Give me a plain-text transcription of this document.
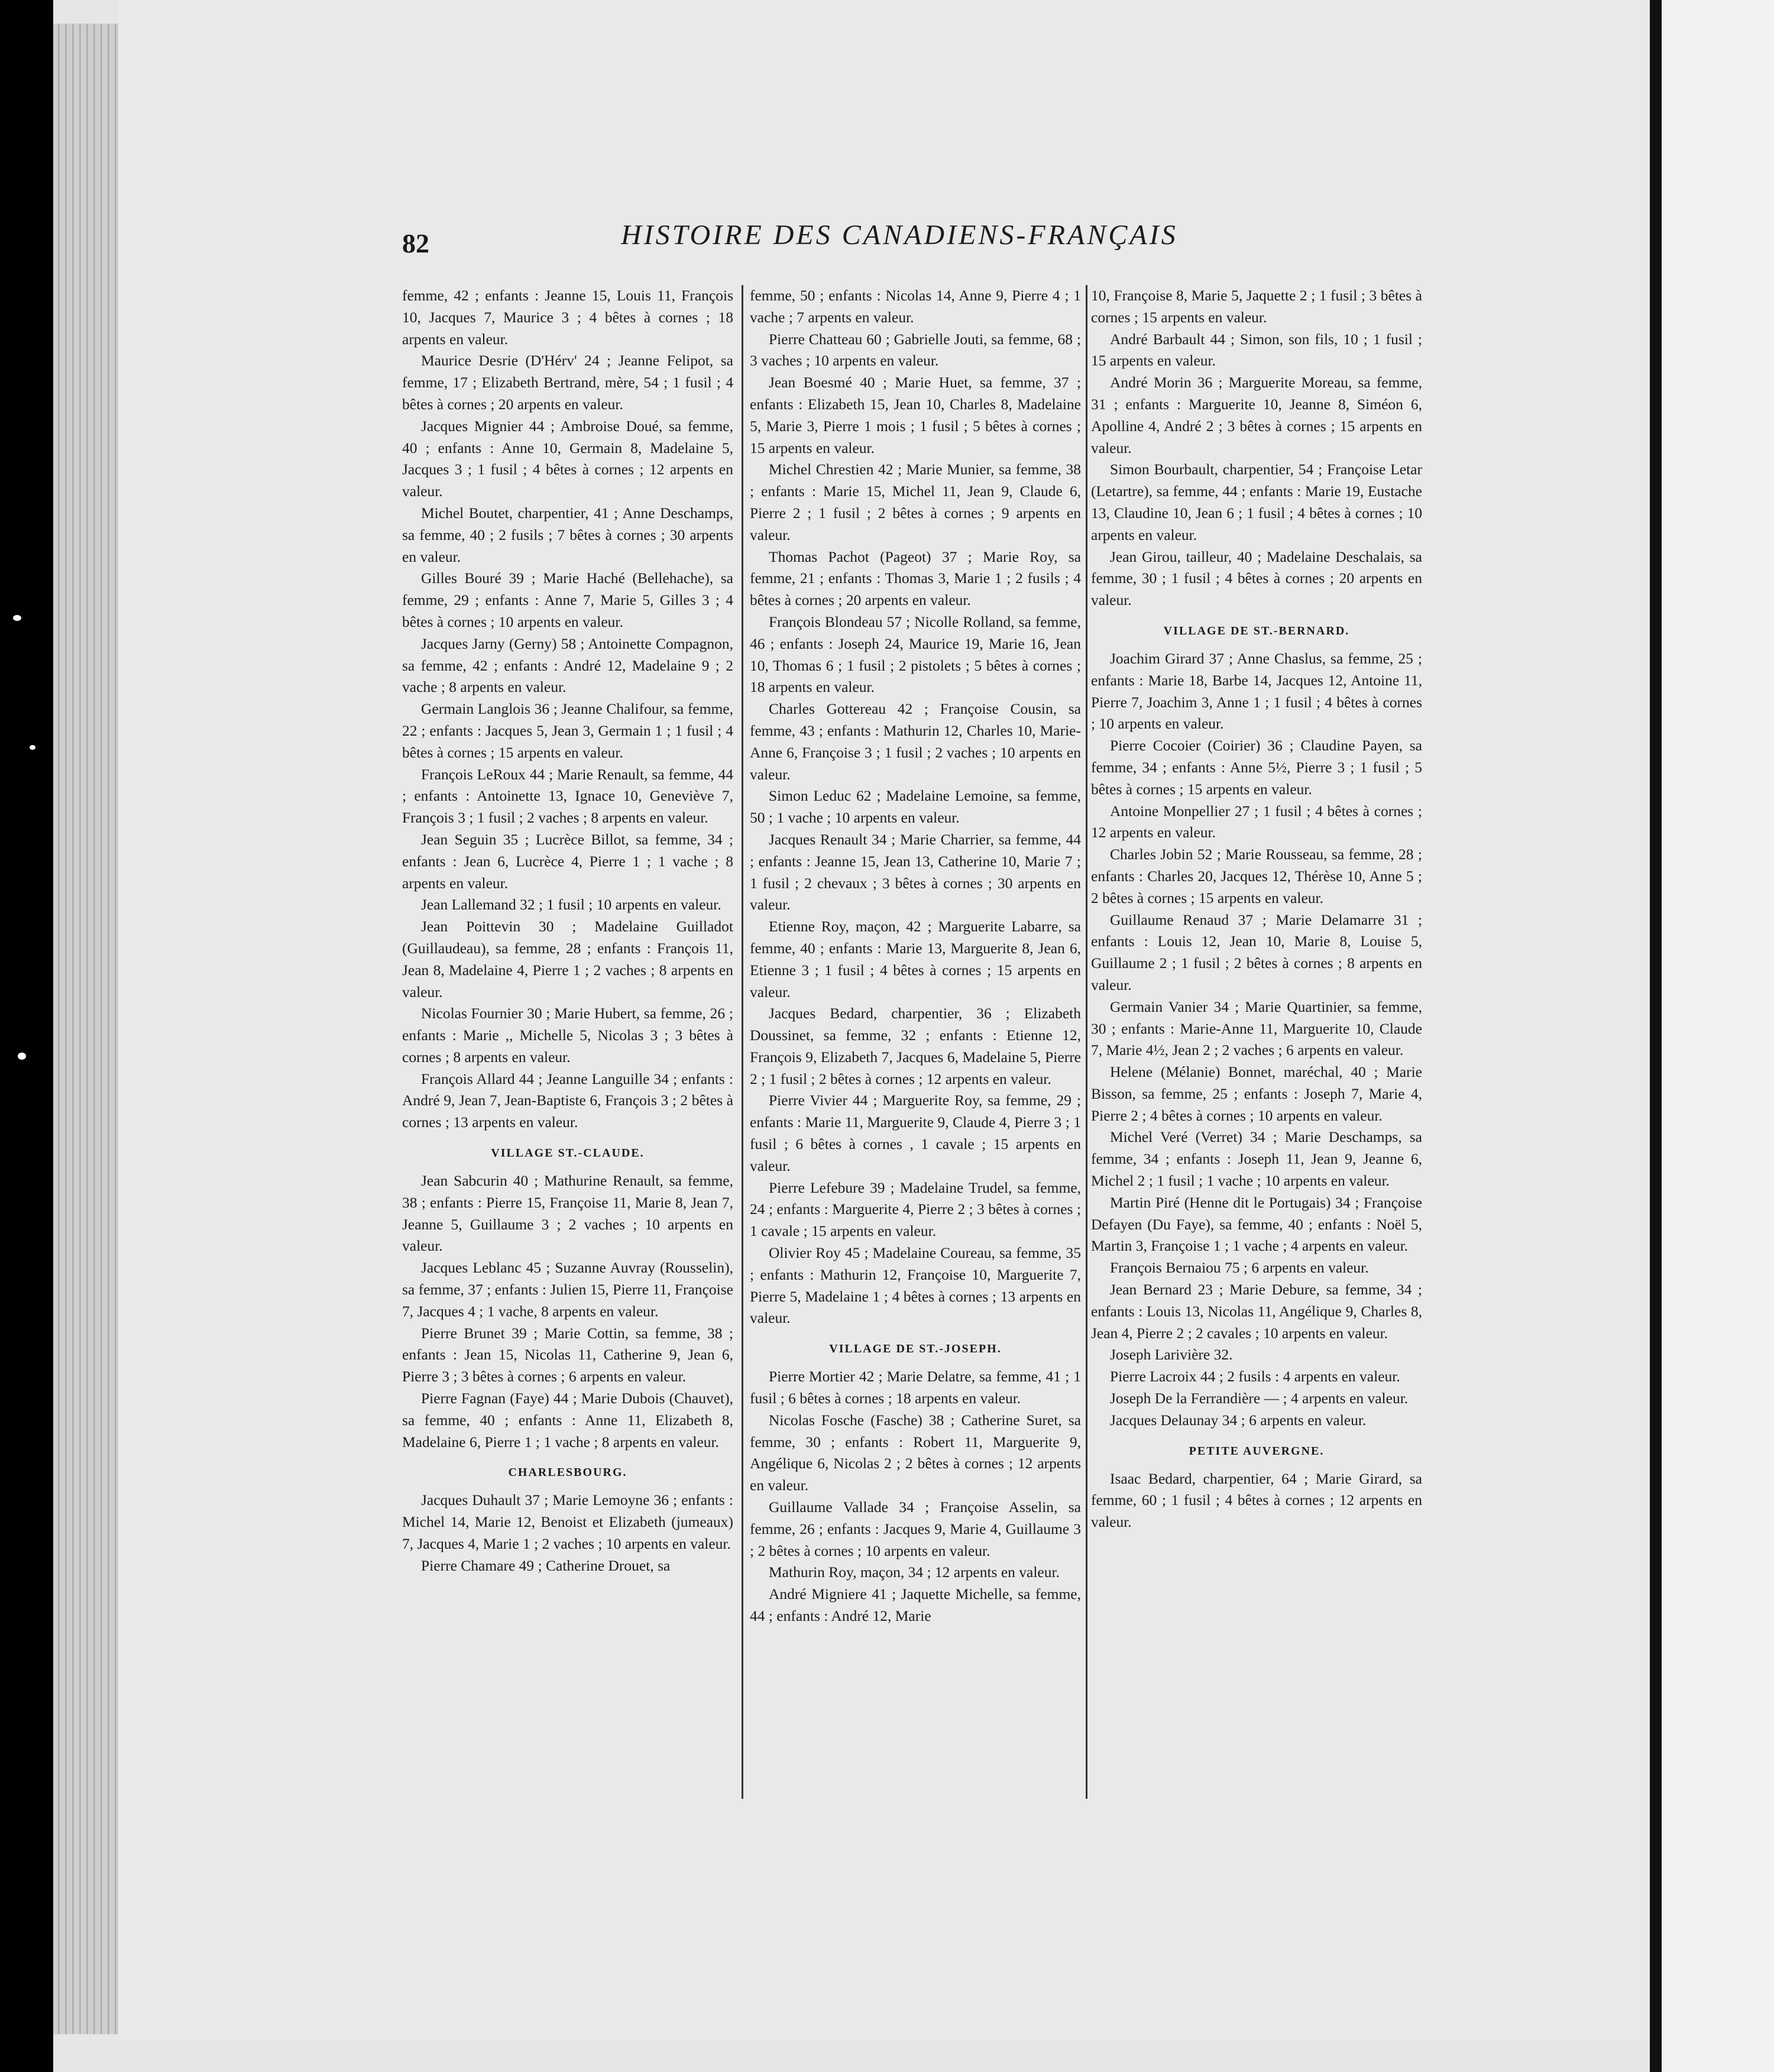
82	HISTOIRE DES CANADIENS-FRANÇAIS

femme, 42 ; enfants : Jeanne 15, Louis 11, François 10, Jacques 7, Maurice 3 ; 4 bêtes à cornes ; 18 arpents en valeur.

Maurice Desrie (D'Hérv' 24 ; Jeanne Felipot, sa femme, 17 ; Elizabeth Bertrand, mère, 54 ; 1 fusil ; 4 bêtes à cornes ; 20 arpents en valeur.

Jacques Mignier 44 ; Ambroise Doué, sa femme, 40 ; enfants : Anne 10, Germain 8, Madelaine 5, Jacques 3 ; 1 fusil ; 4 bêtes à cornes ; 12 arpents en valeur.

Michel Boutet, charpentier, 41 ; Anne Deschamps, sa femme, 40 ; 2 fusils ; 7 bêtes à cornes ; 30 arpents en valeur.

Gilles Bouré 39 ; Marie Haché (Bellehache), sa femme, 29 ; enfants : Anne 7, Marie 5, Gilles 3 ; 4 bêtes à cornes ; 10 arpents en valeur.

Jacques Jarny (Gerny) 58 ; Antoinette Compagnon, sa femme, 42 ; enfants : André 12, Madelaine 9 ; 2 vache ; 8 arpents en valeur.

Germain Langlois 36 ; Jeanne Chalifour, sa femme, 22 ; enfants : Jacques 5, Jean 3, Germain 1 ; 1 fusil ; 4 bêtes à cornes ; 15 arpents en valeur.

François LeRoux 44 ; Marie Renault, sa femme, 44 ; enfants : Antoinette 13, Ignace 10, Geneviève 7, François 3 ; 1 fusil ; 2 vaches ; 8 arpents en valeur.

Jean Seguin 35 ; Lucrèce Billot, sa femme, 34 ; enfants : Jean 6, Lucrèce 4, Pierre 1 ; 1 vache ; 8 arpents en valeur.

Jean Lallemand 32 ; 1 fusil ; 10 arpents en valeur.

Jean Poittevin 30 ; Madelaine Guilladot (Guillaudeau), sa femme, 28 ; enfants : François 11, Jean 8, Madelaine 4, Pierre 1 ; 2 vaches ; 8 arpents en valeur.

Nicolas Fournier 30 ; Marie Hubert, sa femme, 26 ; enfants : Marie ,, Michelle 5, Nicolas 3 ; 3 bêtes à cornes ; 8 arpents en valeur.

François Allard 44 ; Jeanne Languille 34 ; enfants : André 9, Jean 7, Jean-Baptiste 6, François 3 ; 2 bêtes à cornes ; 13 arpents en valeur.

VILLAGE ST.-CLAUDE.

Jean Sabcurin 40 ; Mathurine Renault, sa femme, 38 ; enfants : Pierre 15, Françoise 11, Marie 8, Jean 7, Jeanne 5, Guillaume 3 ; 2 vaches ; 10 arpents en valeur.

Jacques Leblanc 45 ; Suzanne Auvray (Rousselin), sa femme, 37 ; enfants : Julien 15, Pierre 11, Françoise 7, Jacques 4 ; 1 vache, 8 arpents en valeur.

Pierre Brunet 39 ; Marie Cottin, sa femme, 38 ; enfants : Jean 15, Nicolas 11, Catherine 9, Jean 6, Pierre 3 ; 3 bêtes à cornes ; 6 arpents en valeur.

Pierre Fagnan (Faye) 44 ; Marie Dubois (Chauvet), sa femme, 40 ; enfants : Anne 11, Elizabeth 8, Madelaine 6, Pierre 1 ; 1 vache ; 8 arpents en valeur.

CHARLESBOURG.

Jacques Duhault 37 ; Marie Lemoyne 36 ; enfants : Michel 14, Marie 12, Benoist et Elizabeth (jumeaux) 7, Jacques 4, Marie 1 ; 2 vaches ; 10 arpents en valeur.

Pierre Chamare 49 ; Catherine Drouet, sa

femme, 50 ; enfants : Nicolas 14, Anne 9, Pierre 4 ; 1 vache ; 7 arpents en valeur.

Pierre Chatteau 60 ; Gabrielle Jouti, sa femme, 68 ; 3 vaches ; 10 arpents en valeur.

Jean Boesmé 40 ; Marie Huet, sa femme, 37 ; enfants : Elizabeth 15, Jean 10, Charles 8, Madelaine 5, Marie 3, Pierre 1 mois ; 1 fusil ; 5 bêtes à cornes ; 15 arpents en valeur.

Michel Chrestien 42 ; Marie Munier, sa femme, 38 ; enfants : Marie 15, Michel 11, Jean 9, Claude 6, Pierre 2 ; 1 fusil ; 2 bêtes à cornes ; 9 arpents en valeur.

Thomas Pachot (Pageot) 37 ; Marie Roy, sa femme, 21 ; enfants : Thomas 3, Marie 1 ; 2 fusils ; 4 bêtes à cornes ; 20 arpents en valeur.

François Blondeau 57 ; Nicolle Rolland, sa femme, 46 ; enfants : Joseph 24, Maurice 19, Marie 16, Jean 10, Thomas 6 ; 1 fusil ; 2 pistolets ; 5 bêtes à cornes ; 18 arpents en valeur.

Charles Gottereau 42 ; Françoise Cousin, sa femme, 43 ; enfants : Mathurin 12, Charles 10, Marie-Anne 6, Françoise 3 ; 1 fusil ; 2 vaches ; 10 arpents en valeur.

Simon Leduc 62 ; Madelaine Lemoine, sa femme, 50 ; 1 vache ; 10 arpents en valeur.

Jacques Renault 34 ; Marie Charrier, sa femme, 44 ; enfants : Jeanne 15, Jean 13, Catherine 10, Marie 7 ; 1 fusil ; 2 chevaux ; 3 bêtes à cornes ; 30 arpents en valeur.

Etienne Roy, maçon, 42 ; Marguerite Labarre, sa femme, 40 ; enfants : Marie 13, Marguerite 8, Jean 6, Etienne 3 ; 1 fusil ; 4 bêtes à cornes ; 15 arpents en valeur.

Jacques Bedard, charpentier, 36 ; Elizabeth Doussinet, sa femme, 32 ; enfants : Etienne 12, François 9, Elizabeth 7, Jacques 6, Madelaine 5, Pierre 2 ; 1 fusil ; 2 bêtes à cornes ; 12 arpents en valeur.

Pierre Vivier 44 ; Marguerite Roy, sa femme, 29 ; enfants : Marie 11, Marguerite 9, Claude 4, Pierre 3 ; 1 fusil ; 6 bêtes à cornes , 1 cavale ; 15 arpents en valeur.

Pierre Lefebure 39 ; Madelaine Trudel, sa femme, 24 ; enfants : Marguerite 4, Pierre 2 ; 3 bêtes à cornes ; 1 cavale ; 15 arpents en valeur.

Olivier Roy 45 ; Madelaine Coureau, sa femme, 35 ; enfants : Mathurin 12, Françoise 10, Marguerite 7, Pierre 5, Madelaine 1 ; 4 bêtes à cornes ; 13 arpents en valeur.

VILLAGE DE ST.-JOSEPH.

Pierre Mortier 42 ; Marie Delatre, sa femme, 41 ; 1 fusil ; 6 bêtes à cornes ; 18 arpents en valeur.

Nicolas Fosche (Fasche) 38 ; Catherine Suret, sa femme, 30 ; enfants : Robert 11, Marguerite 9, Angélique 6, Nicolas 2 ; 2 bêtes à cornes ; 12 arpents en valeur.

Guillaume Vallade 34 ; Françoise Asselin, sa femme, 26 ; enfants : Jacques 9, Marie 4, Guillaume 3 ; 2 bêtes à cornes ; 10 arpents en valeur.

Mathurin Roy, maçon, 34 ; 12 arpents en valeur.

André Migniere 41 ; Jaquette Michelle, sa femme, 44 ; enfants : André 12, Marie

10, Françoise 8, Marie 5, Jaquette 2 ; 1 fusil ; 3 bêtes à cornes ; 15 arpents en valeur.

André Barbault 44 ; Simon, son fils, 10 ; 1 fusil ; 15 arpents en valeur.

André Morin 36 ; Marguerite Moreau, sa femme, 31 ; enfants : Marguerite 10, Jeanne 8, Siméon 6, Apolline 4, André 2 ; 3 bêtes à cornes ; 15 arpents en valeur.

Simon Bourbault, charpentier, 54 ; Françoise Letar (Letartre), sa femme, 44 ; enfants : Marie 19, Eustache 13, Claudine 10, Jean 6 ; 1 fusil ; 4 bêtes à cornes ; 10 arpents en valeur.

Jean Girou, tailleur, 40 ; Madelaine Deschalais, sa femme, 30 ; 1 fusil ; 4 bêtes à cornes ; 20 arpents en valeur.

VILLAGE DE ST.-BERNARD.

Joachim Girard 37 ; Anne Chaslus, sa femme, 25 ; enfants : Marie 18, Barbe 14, Jacques 12, Antoine 11, Pierre 7, Joachim 3, Anne 1 ; 1 fusil ; 4 bêtes à cornes ; 10 arpents en valeur.

Pierre Cocoier (Coirier) 36 ; Claudine Payen, sa femme, 34 ; enfants : Anne 5½, Pierre 3 ; 1 fusil ; 5 bêtes à cornes ; 15 arpents en valeur.

Antoine Monpellier 27 ; 1 fusil ; 4 bêtes à cornes ; 12 arpents en valeur.

Charles Jobin 52 ; Marie Rousseau, sa femme, 28 ; enfants : Charles 20, Jacques 12, Thérèse 10, Anne 5 ; 2 bêtes à cornes ; 15 arpents en valeur.

Guillaume Renaud 37 ; Marie Delamarre 31 ; enfants : Louis 12, Jean 10, Marie 8, Louise 5, Guillaume 2 ; 1 fusil ; 2 bêtes à cornes ; 8 arpents en valeur.

Germain Vanier 34 ; Marie Quartinier, sa femme, 30 ; enfants : Marie-Anne 11, Marguerite 10, Claude 7, Marie 4½, Jean 2 ; 2 vaches ; 6 arpents en valeur.

Helene (Mélanie) Bonnet, maréchal, 40 ; Marie Bisson, sa femme, 25 ; enfants : Joseph 7, Marie 4, Pierre 2 ; 4 bêtes à cornes ; 10 arpents en valeur.

Michel Veré (Verret) 34 ; Marie Deschamps, sa femme, 34 ; enfants : Joseph 11, Jean 9, Jeanne 6, Michel 2 ; 1 fusil ; 1 vache ; 10 arpents en valeur.

Martin Piré (Henne dit le Portugais) 34 ; Françoise Defayen (Du Faye), sa femme, 40 ; enfants : Noël 5, Martin 3, Françoise 1 ; 1 vache ; 4 arpents en valeur.

François Bernaiou 75 ; 6 arpents en valeur.

Jean Bernard 23 ; Marie Debure, sa femme, 34 ; enfants : Louis 13, Nicolas 11, Angélique 9, Charles 8, Jean 4, Pierre 2 ; 2 cavales ; 10 arpents en valeur.

Joseph Larivière 32.

Pierre Lacroix 44 ; 2 fusils : 4 arpents en valeur.

Joseph De la Ferrandière — ; 4 arpents en valeur.

Jacques Delaunay 34 ; 6 arpents en valeur.

PETITE AUVERGNE.

Isaac Bedard, charpentier, 64 ; Marie Girard, sa femme, 60 ; 1 fusil ; 4 bêtes à cornes ; 12 arpents en valeur.
